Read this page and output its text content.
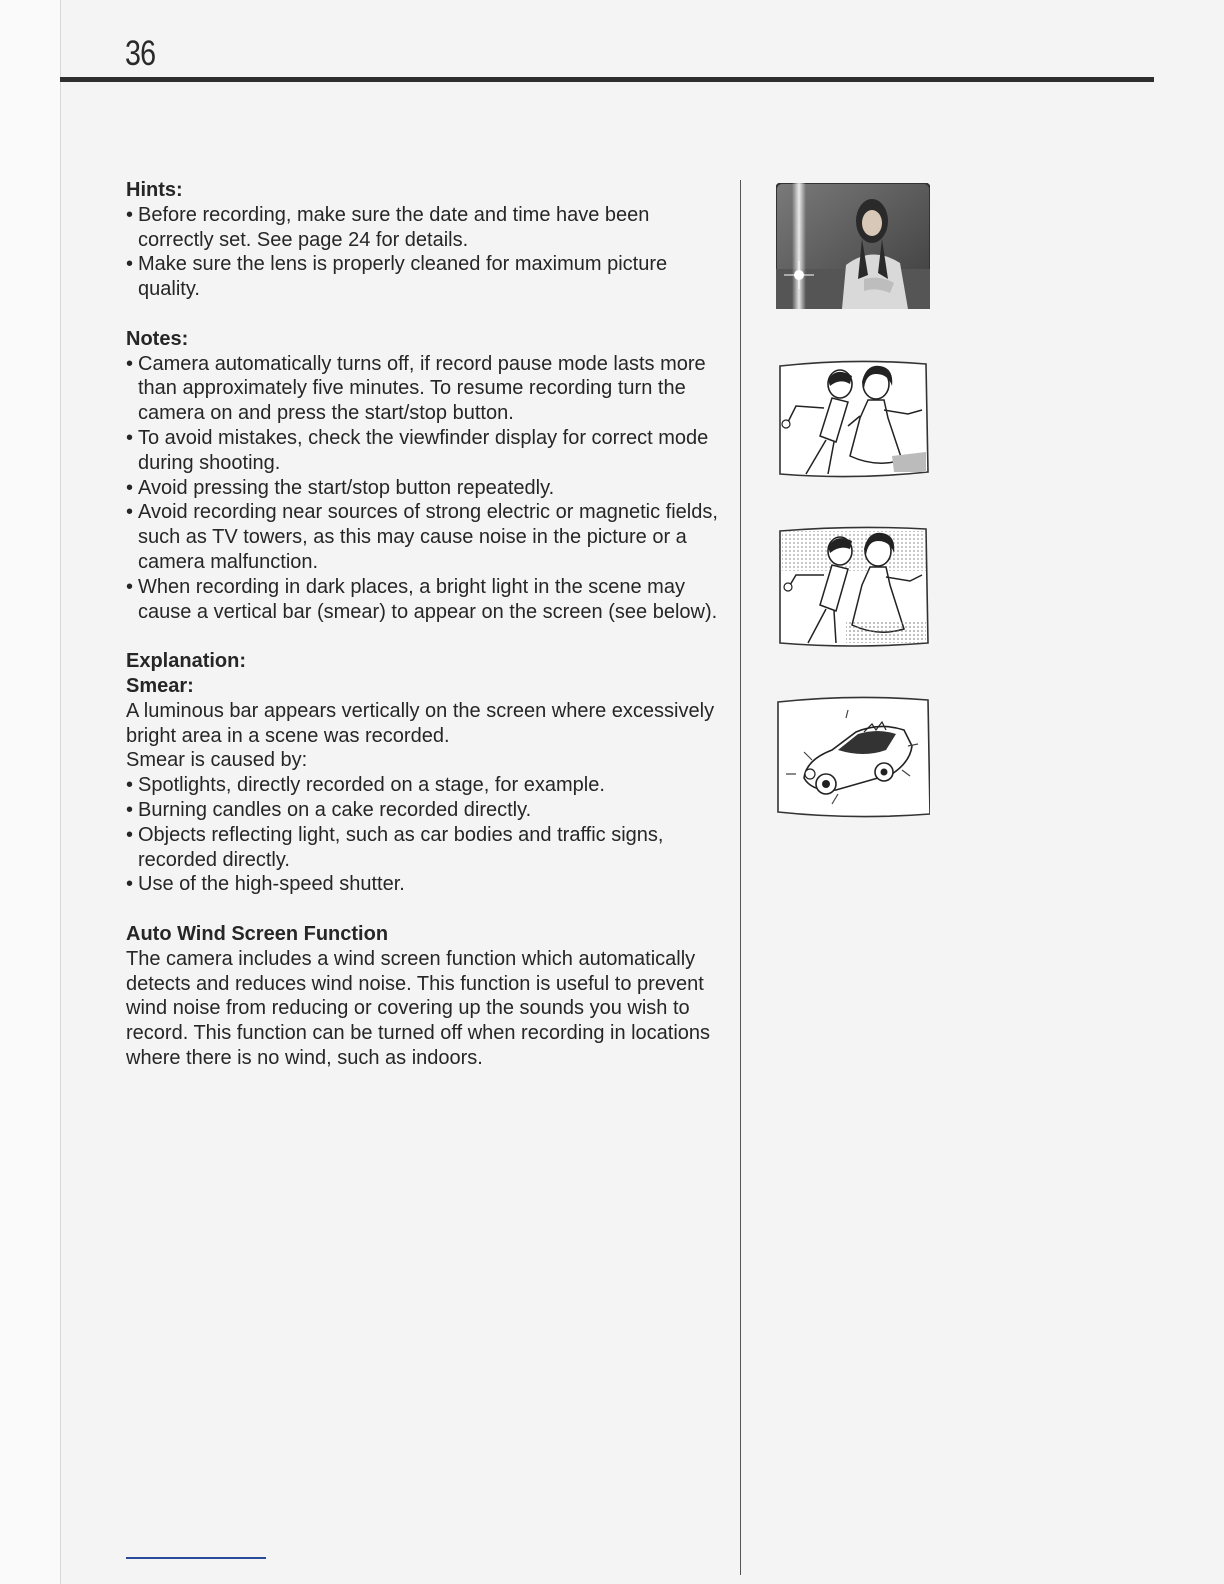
36
Hints:
• Before recording, make sure the date and time have been correctly set. See page 24 for details.
• Make sure the lens is properly cleaned for maximum picture quality.
Notes:
• Camera automatically turns off, if record pause mode lasts more than approximately five minutes. To resume recording turn the camera on and press the start/stop button.
• To avoid mistakes, check the viewfinder display for correct mode during shooting.
• Avoid pressing the start/stop button repeatedly.
• Avoid recording near sources of strong electric or magnetic fields, such as TV towers, as this may cause noise in the picture or a camera malfunction.
• When recording in dark places, a bright light in the scene may cause a vertical bar (smear) to appear on the screen (see below).
Explanation:
Smear:
A luminous bar appears vertically on the screen where excessively bright area in a scene was recorded.
Smear is caused by:
• Spotlights, directly recorded on a stage, for example.
• Burning candles on a cake recorded directly.
• Objects reflecting light, such as car bodies and traffic signs, recorded directly.
• Use of the high-speed shutter.
Auto Wind Screen Function
The camera includes a wind screen function which automatically detects and reduces wind noise. This function is useful to prevent wind noise from reducing or covering up the sounds you wish to record. This function can be turned off when recording in locations where there is no wind, such as indoors.
